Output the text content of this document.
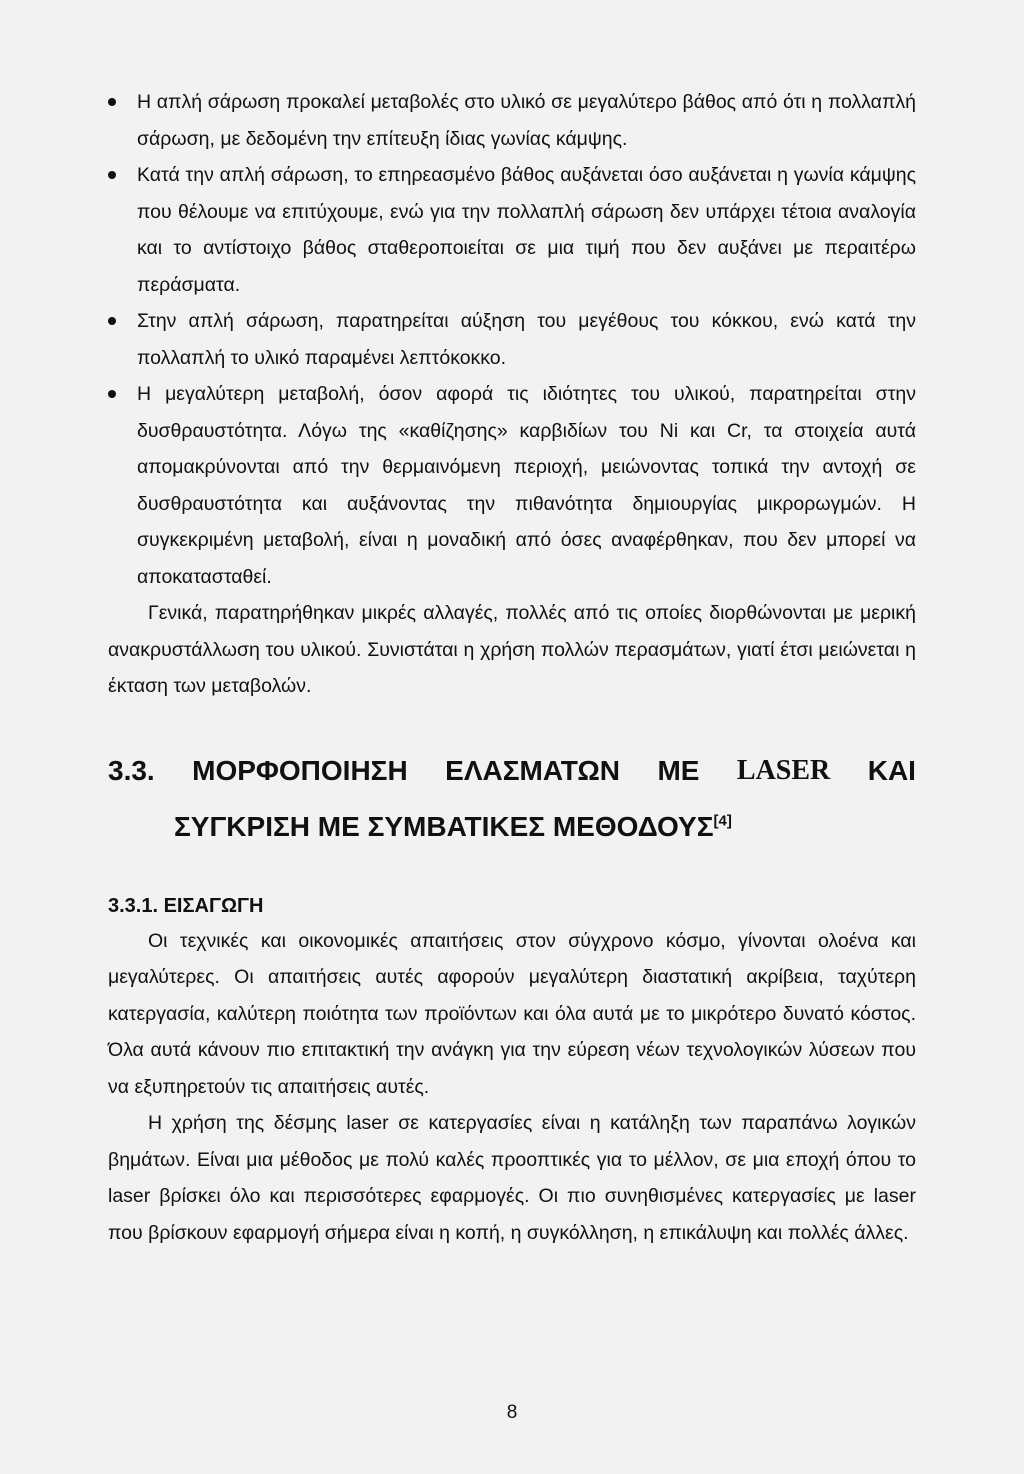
Η απλή σάρωση προκαλεί μεταβολές στο υλικό σε μεγαλύτερο βάθος από ότι η πολλαπλή σάρωση, με δεδομένη την επίτευξη ίδιας γωνίας κάμψης.
Κατά την απλή σάρωση, το επηρεασμένο βάθος αυξάνεται όσο αυξάνεται η γωνία κάμψης που θέλουμε να επιτύχουμε, ενώ για την πολλαπλή σάρωση δεν υπάρχει τέτοια αναλογία και το αντίστοιχο βάθος σταθεροποιείται σε μια τιμή που δεν αυξάνει με περαιτέρω περάσματα.
Στην απλή σάρωση, παρατηρείται αύξηση του μεγέθους του κόκκου, ενώ κατά την πολλαπλή το υλικό παραμένει λεπτόκοκκο.
Η μεγαλύτερη μεταβολή, όσον αφορά τις ιδιότητες του υλικού, παρατηρείται στην δυσθραυστότητα. Λόγω της «καθίζησης» καρβιδίων του Ni και Cr, τα στοιχεία αυτά απομακρύνονται από την θερμαινόμενη περιοχή, μειώνοντας τοπικά την αντοχή σε δυσθραυστότητα και αυξάνοντας την πιθανότητα δημιουργίας μικρορωγμών. Η συγκεκριμένη μεταβολή, είναι η μοναδική από όσες αναφέρθηκαν, που δεν μπορεί να αποκατασταθεί.

Γενικά, παρατηρήθηκαν μικρές αλλαγές, πολλές από τις οποίες διορθώνονται με μερική ανακρυστάλλωση του υλικού. Συνιστάται η χρήση πολλών περασμάτων, γιατί έτσι μειώνεται η έκταση των μεταβολών.

3.3. ΜΟΡΦΟΠΟΙΗΣΗ ΕΛΑΣΜΑΤΩΝ ΜΕ LASER ΚΑΙ
ΣΥΓΚΡΙΣΗ ΜΕ ΣΥΜΒΑΤΙΚΕΣ ΜΕΘΟΔΟΥΣ[4]
3.3.1. ΕΙΣΑΓΩΓΗ

Οι τεχνικές και οικονομικές απαιτήσεις στον σύγχρονο κόσμο, γίνονται ολοένα και μεγαλύτερες. Οι απαιτήσεις αυτές αφορούν μεγαλύτερη διαστατική ακρίβεια, ταχύτερη κατεργασία, καλύτερη ποιότητα των προϊόντων και όλα αυτά με το μικρότερο δυνατό κόστος. Όλα αυτά κάνουν πιο επιτακτική την ανάγκη για την εύρεση νέων τεχνολογικών λύσεων που να εξυπηρετούν τις απαιτήσεις αυτές.

Η χρήση της δέσμης laser σε κατεργασίες είναι η κατάληξη των παραπάνω λογικών βημάτων. Είναι μια μέθοδος με πολύ καλές προοπτικές για το μέλλον, σε μια εποχή όπου το laser βρίσκει όλο και περισσότερες εφαρμογές. Οι πιο συνηθισμένες κατεργασίες με laser που βρίσκουν εφαρμογή σήμερα είναι η κοπή, η συγκόλληση, η επικάλυψη και πολλές άλλες.

8
